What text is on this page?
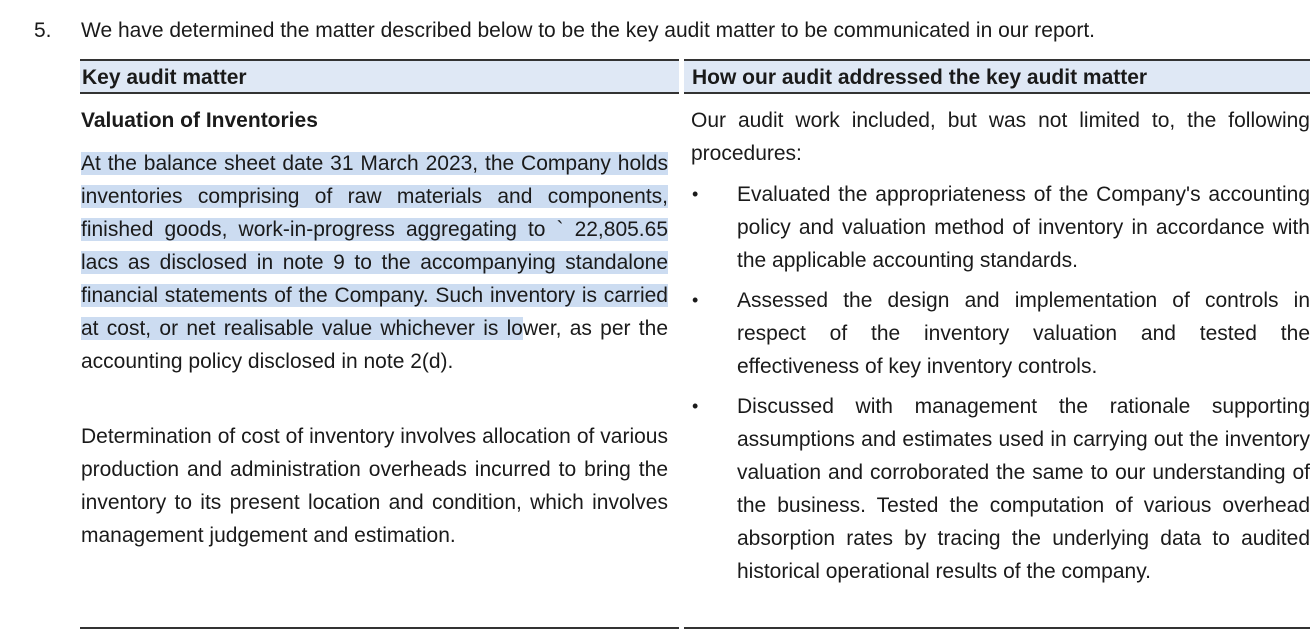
5. We have determined the matter described below to be the key audit matter to be communicated in our report.
Key audit matter	How our audit addressed the key audit matter
Valuation of Inventories

At the balance sheet date 31 March 2023, the Company holds inventories comprising of raw materials and components, finished goods, work-in-progress aggregating to ` 22,805.65 lacs as disclosed in note 9 to the accompanying standalone financial statements of the Company. Such inventory is carried at cost, or net realisable value whichever is lower, as per the accounting policy disclosed in note 2(d).

Determination of cost of inventory involves allocation of various production and administration overheads incurred to bring the inventory to its present location and condition, which involves management judgement and estimation.

Our audit work included, but was not limited to, the following procedures:

• Evaluated the appropriateness of the Company's accounting policy and valuation method of inventory in accordance with the applicable accounting standards.

• Assessed the design and implementation of controls in respect of the inventory valuation and tested the effectiveness of key inventory controls.

• Discussed with management the rationale supporting assumptions and estimates used in carrying out the inventory valuation and corroborated the same to our understanding of the business. Tested the computation of various overhead absorption rates by tracing the underlying data to audited historical operational results of the company.
